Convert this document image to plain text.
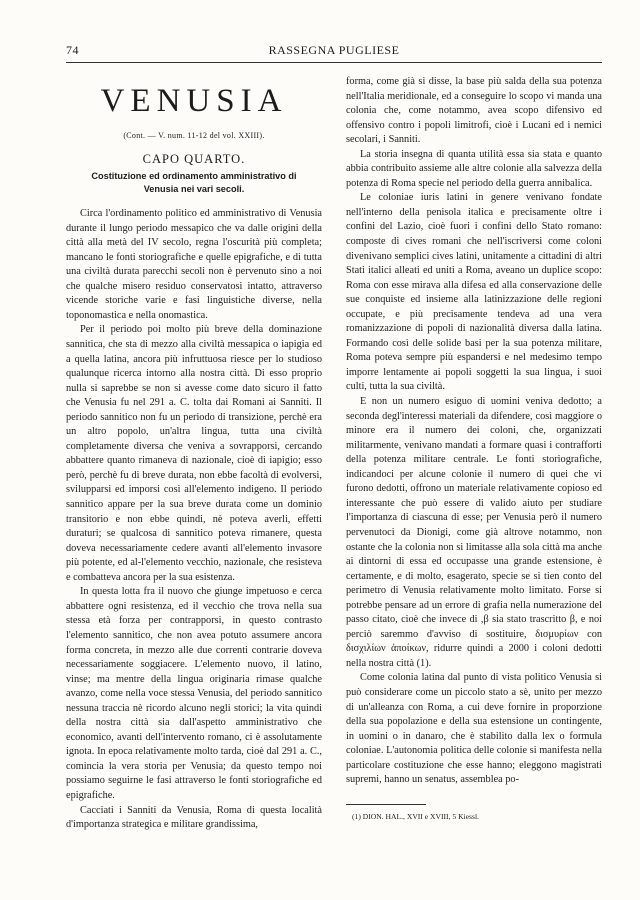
74	RASSEGNA PUGLIESE
VENUSIA
(Cont. — V. num. 11-12 del vol. XXIII).
CAPO QUARTO.
Costituzione ed ordinamento amministrativo di Venusia nei vari secoli.

Circa l'ordinamento politico ed amministrativo di Venusia durante il lungo periodo messapico che va dalle origini della città alla metà del IV secolo, regna l'oscurità più completa; mancano le fonti storiografiche e quelle epigrafiche, e di tutta una civiltà durata parecchi secoli non è pervenuto sino a noi che qualche misero residuo conservatosi intatto, attraverso vicende storiche varie e fasi linguistiche diverse, nella toponomastica e nella onomastica.

Per il periodo poi molto più breve della dominazione sannitica, che sta di mezzo alla civiltà messapica o iapigia ed a quella latina, ancora più infruttuosa riesce per lo studioso qualunque ricerca intorno alla nostra città. Di esso proprio nulla si saprebbe se non si avesse come dato sicuro il fatto che Venusia fu nel 291 a. C. tolta dai Romani ai Sanniti. Il periodo sannitico non fu un periodo di transizione, perchè era un altro popolo, un'altra lingua, tutta una civiltà completamente diversa che veniva a sovrapporsi, cercando abbattere quanto rimaneva di nazionale, cioè di iapigio; esso però, perchè fu di breve durata, non ebbe facoltà di evolversi, svilupparsi ed imporsi così all'elemento indigeno. Il periodo sannitico appare per la sua breve durata come un dominio transitorio e non ebbe quindi, nè poteva averli, effetti duraturi; se qualcosa di sannitico poteva rimanere, questa doveva necessariamente cedere avanti all'elemento invasore più potente, ed al-l'elemento vecchio, nazionale, che resisteva e combatteva ancora per la sua esistenza.

In questa lotta fra il nuovo che giunge impetuoso e cerca abbattere ogni resistenza, ed il vecchio che trova nella sua stessa età forza per contrapporsi, in questo contrasto l'elemento sannitico, che non avea potuto assumere ancora forma concreta, in mezzo alle due correnti contrarie doveva necessariamente soggiacere. L'elemento nuovo, il latino, vinse; ma mentre della lingua originaria rimase qualche avanzo, come nella voce stessa Venusia, del periodo sannitico nessuna traccia nè ricordo alcuno negli storici; la vita quindi della nostra città sia dall'aspetto amministrativo che economico, avanti dell'intervento romano, ci è assolutamente ignota. In epoca relativamente molto tarda, cioè dal 291 a. C., comincia la vera storia per Venusia; da questo tempo noi possiamo seguirne le fasi attraverso le fonti storiografiche ed epigrafiche.

Cacciati i Sanniti da Venusia, Roma di questa località d'importanza strategica e militare grandissima,

forma, come già si disse, la base più salda della sua potenza nell'Italia meridionale, ed a conseguire lo scopo vi manda una colonia che, come notammo, avea scopo difensivo ed offensivo contro i popoli limitrofi, cioè i Lucani ed i nemici secolari, i Sanniti.

La storia insegna di quanta utilità essa sia stata e quanto abbia contribuito assieme alle altre colonie alla salvezza della potenza di Roma specie nel periodo della guerra annibalica.

Le coloniae iuris latini in genere venivano fondate nell'interno della penisola italica e precisamente oltre i confini del Lazio, cioè fuori i confini dello Stato romano: composte di cives romani che nell'iscriversi come coloni divenivano semplici cives latini, unitamente a cittadini di altri Stati italici alleati ed uniti a Roma, aveano un duplice scopo: Roma con esse mirava alla difesa ed alla conservazione delle sue conquiste ed insieme alla latinizzazione delle regioni occupate, e più precisamente tendeva ad una vera romanizzazione di popoli di nazionalità diversa dalla latina. Formando così delle solide basi per la sua potenza militare, Roma poteva sempre più espandersi e nel medesimo tempo imporre lentamente ai popoli soggetti la sua lingua, i suoi culti, tutta la sua civiltà.

E non un numero esiguo di uomini veniva dedotto; a seconda degl'interessi materiali da difendere, così maggiore o minore era il numero dei coloni, che, organizzati militarmente, venivano mandati a formare quasi i contrafforti della potenza militare centrale. Le fonti storiografiche, indicandoci per alcune colonie il numero di quei che vi furono dedotti, offrono un materiale relativamente copioso ed interessante che può essere di valido aiuto per studiare l'importanza di ciascuna di esse; per Venusia però il numero pervenutoci da Dionigi, come già altrove notammo, non ostante che la colonia non si limitasse alla sola città ma anche ai dintorni di essa ed occupasse una grande estensione, è certamente, e di molto, esagerato, specie se si tien conto del perimetro di Venusia relativamente molto limitato. Forse si potrebbe pensare ad un errore di grafia nella numerazione del passo citato, cioè che invece di ,β sia stato trascritto β, e noi perciò saremmo d'avviso di sostituire, δισμυρίων con δισχιλίων ἀποίκων, ridurre quindi a 2000 i coloni dedotti nella nostra città (1).

Come colonia latina dal punto di vista politico Venusia si può considerare come un piccolo stato a sè, unito per mezzo di un'alleanza con Roma, a cui deve fornire in proporzione della sua popolazione e della sua estensione un contingente, in uomini o in danaro, che è stabilito dalla lex o formula coloniae. L'autonomia politica delle colonie si manifesta nella particolare costituzione che esse hanno; eleggono magistrati supremi, hanno un senatus, assemblea po-

(1) DION. HAL., XVII e XVIII, 5 Kiessl.
